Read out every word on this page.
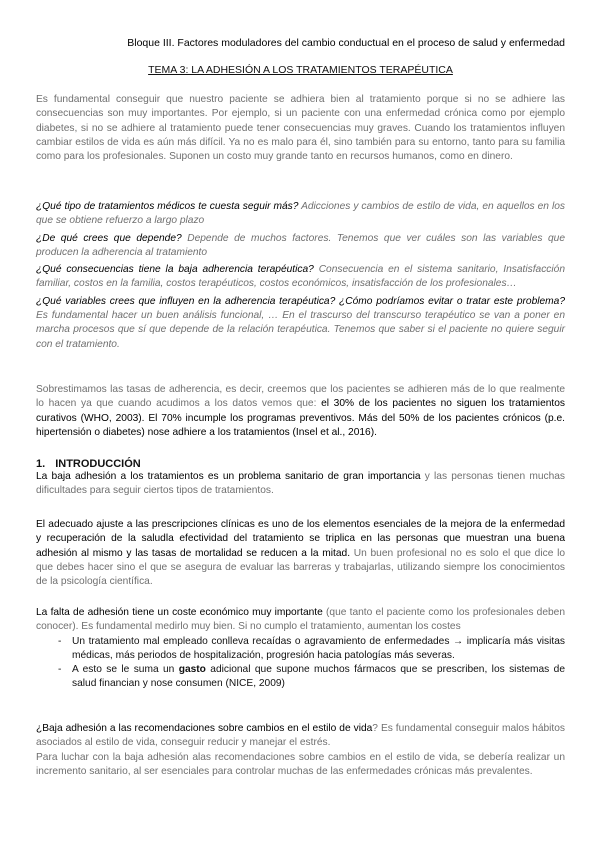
Bloque III. Factores moduladores del cambio conductual en el proceso de salud y enfermedad
TEMA 3: LA ADHESIÓN A LOS TRATAMIENTOS TERAPÉUTICA

Es fundamental conseguir que nuestro paciente se adhiera bien al tratamiento porque si no se adhiere las consecuencias son muy importantes. Por ejemplo, si un paciente con una enfermedad crónica como por ejemplo diabetes, si no se adhiere al tratamiento puede tener consecuencias muy graves. Cuando los tratamientos influyen cambiar estilos de vida es aún más difícil. Ya no es malo para él, sino también para su entorno, tanto para su familia como para los profesionales. Suponen un costo muy grande tanto en recursos humanos, como en dinero.

¿Qué tipo de tratamientos médicos te cuesta seguir más? Adicciones y cambios de estilo de vida, en aquellos en los que se obtiene refuerzo a largo plazo

¿De qué crees que depende? Depende de muchos factores. Tenemos que ver cuáles son las variables que producen la adherencia al tratamiento

¿Qué consecuencias tiene la baja adherencia terapéutica? Consecuencia en el sistema sanitario, Insatisfacción familiar, costos en la familia, costos terapéuticos, costos económicos, insatisfacción de los profesionales…

¿Qué variables crees que influyen en la adherencia terapéutica? ¿Cómo podríamos evitar o tratar este problema? Es fundamental hacer un buen análisis funcional, … En el trascurso del transcurso terapéutico se van a poner en marcha procesos que sí que depende de la relación terapéutica. Tenemos que saber si el paciente no quiere seguir con el tratamiento.

Sobrestimamos las tasas de adherencia, es decir, creemos que los pacientes se adhieren más de lo que realmente lo hacen ya que cuando acudimos a los datos vemos que: el 30% de los pacientes no siguen los tratamientos curativos (WHO, 2003). El 70% incumple los programas preventivos. Más del 50% de los pacientes crónicos (p.e. hipertensión o diabetes) nose adhiere a los tratamientos (Insel et al., 2016).

1. INTRODUCCIÓN

La baja adhesión a los tratamientos es un problema sanitario de gran importancia y las personas tienen muchas dificultades para seguir ciertos tipos de tratamientos.

El adecuado ajuste a las prescripciones clínicas es uno de los elementos esenciales de la mejora de la enfermedad y recuperación de la saludla efectividad del tratamiento se triplica en las personas que muestran una buena adhesión al mismo y las tasas de mortalidad se reducen a la mitad. Un buen profesional no es solo el que dice lo que debes hacer sino el que se asegura de evaluar las barreras y trabajarlas, utilizando siempre los conocimientos de la psicología científica.

La falta de adhesión tiene un coste económico muy importante (que tanto el paciente como los profesionales deben conocer). Es fundamental medirlo muy bien. Si no cumplo el tratamiento, aumentan los costes

- Un tratamiento mal empleado conlleva recaídas o agravamiento de enfermedades → implicaría más visitas médicas, más periodos de hospitalización, progresión hacia patologías más severas.
- A esto se le suma un gasto adicional que supone muchos fármacos que se prescriben, los sistemas de salud financian y nose consumen (NICE, 2009)

¿Baja adhesión a las recomendaciones sobre cambios en el estilo de vida? Es fundamental conseguir malos hábitos asociados al estilo de vida, conseguir reducir y manejar el estrés.

Para luchar con la baja adhesión alas recomendaciones sobre cambios en el estilo de vida, se debería realizar un incremento sanitario, al ser esenciales para controlar muchas de las enfermedades crónicas más prevalentes.
